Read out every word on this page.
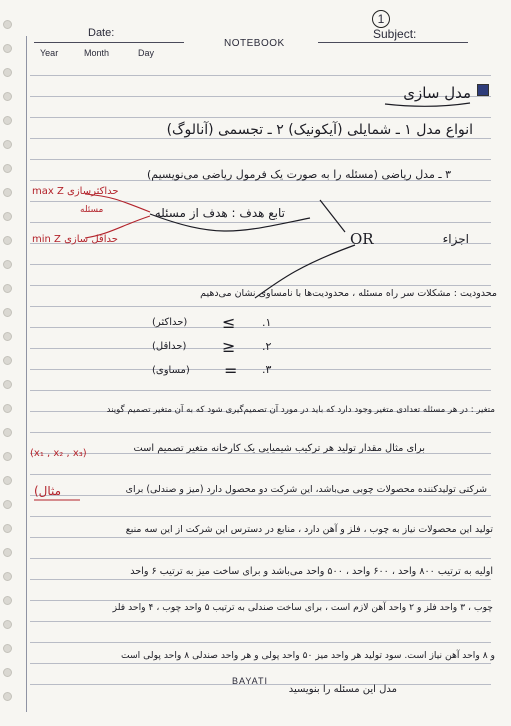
1
Date:
Year	Month	Day
NOTEBOOK
Subject:
مدل سازی
انواع مدل ۱ ـ شمایلی (آیکونیک) ۲ ـ تجسمی (آنالوگ)
۳ ـ مدل ریاضی (مسئله را به صورت یک فرمول ریاضی می‌نویسیم)
max Z حداکثرسازی
min Z حداقل سازی
مسئله	تابع هدف : هدف از مسئله
OR	اجزاء
محدودیت : مشکلات سر راه مسئله ، محدودیت‌ها با نامساوی نشان می‌دهیم
۱.
≤
(حداکثر)
۲.
≥
(حداقل)
۳.
=
(مساوی)
متغیر : در هر مسئله تعدادی متغیر وجود دارد که باید در مورد آن تصمیم‌گیری شود که به آن متغیر تصمیم گویند
برای مثال مقدار تولید هر ترکیب شیمیایی یک کارخانه متغیر تصمیم است
(x₁ , x₂ , x₃)
شرکتی تولیدکننده محصولات چوبی می‌باشد، این شرکت دو محصول دارد (میز و صندلی) برای
مثال)
تولید این محصولات نیاز به چوب ، فلز و آهن دارد ، منابع در دسترس این شرکت از این سه منبع
اولیه به ترتیب ۸۰۰ واحد ، ۶۰۰ واحد ، ۵۰۰ واحد می‌باشد و برای ساخت میز به ترتیب ۶ واحد
چوب ، ۳ واحد فلز و ۲ واحد آهن لازم است ، برای ساخت صندلی به ترتیب ۵ واحد چوب ، ۴ واحد فلز
و ۸ واحد آهن نیاز است. سود تولید هر واحد میز ۵۰ واحد پولی و هر واحد صندلی ۸ واحد پولی است
مدل این مسئله را بنویسید
BAYATI
